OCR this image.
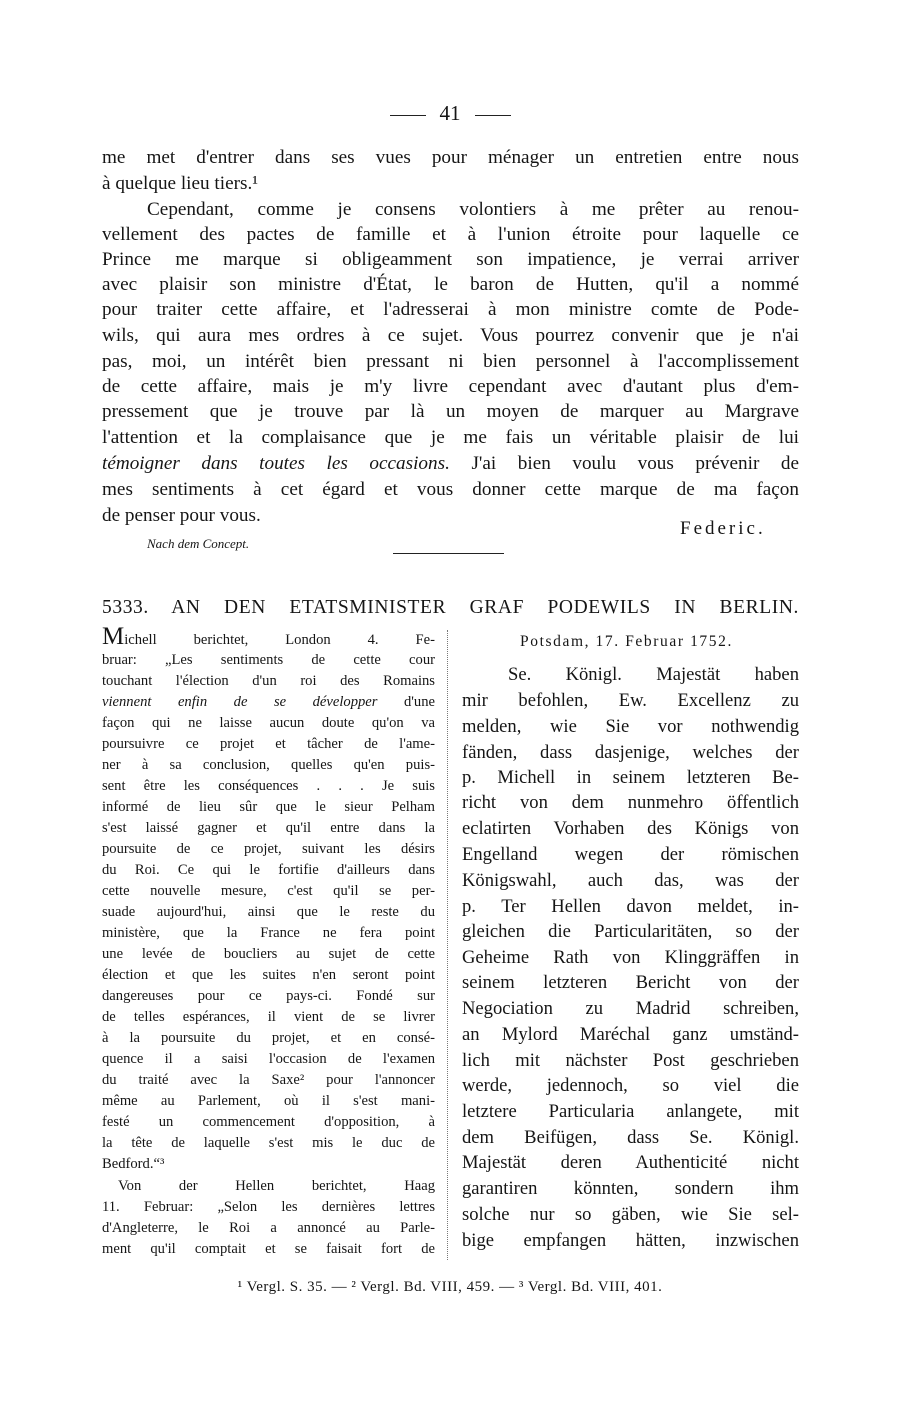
41
me met d'entrer dans ses vues pour ménager un entretien entre nous
à quelque lieu tiers.¹
Cependant, comme je consens volontiers à me prêter au renou-
vellement des pactes de famille et à l'union étroite pour laquelle ce
Prince me marque si obligeamment son impatience, je verrai arriver
avec plaisir son ministre d'État, le baron de Hutten, qu'il a nommé
pour traiter cette affaire, et l'adresserai à mon ministre comte de Pode-
wils, qui aura mes ordres à ce sujet. Vous pourrez convenir que je n'ai
pas, moi, un intérêt bien pressant ni bien personnel à l'accomplissement
de cette affaire, mais je m'y livre cependant avec d'autant plus d'em-
pressement que je trouve par là un moyen de marquer au Margrave
l'attention et la complaisance que je me fais un véritable plaisir de lui
témoigner dans toutes les occasions. J'ai bien voulu vous prévenir de
mes sentiments à cet égard et vous donner cette marque de ma façon
de penser pour vous.
Federic.
Nach dem Concept.
5333. AN DEN ETATSMINISTER GRAF PODEWILS IN BERLIN.
Michell berichtet, London 4. Fe-
bruar: „Les sentiments de cette cour
touchant l'élection d'un roi des Romains
viennent enfin de se développer d'une
façon qui ne laisse aucun doute qu'on va
poursuivre ce projet et tâcher de l'ame-
ner à sa conclusion, quelles qu'en puis-
sent être les conséquences . . . Je suis
informé de lieu sûr que le sieur Pelham
s'est laissé gagner et qu'il entre dans la
poursuite de ce projet, suivant les désirs
du Roi. Ce qui le fortifie d'ailleurs dans
cette nouvelle mesure, c'est qu'il se per-
suade aujourd'hui, ainsi que le reste du
ministère, que la France ne fera point
une levée de boucliers au sujet de cette
élection et que les suites n'en seront point
dangereuses pour ce pays-ci. Fondé sur
de telles espérances, il vient de se livrer
à la poursuite du projet, et en consé-
quence il a saisi l'occasion de l'examen
du traité avec la Saxe² pour l'annoncer
même au Parlement, où il s'est mani-
festé un commencement d'opposition, à
la tête de laquelle s'est mis le duc de
Bedford.“³
Von der Hellen berichtet, Haag
11. Februar: „Selon les dernières lettres
d'Angleterre, le Roi a annoncé au Parle-
ment qu'il comptait et se faisait fort de
Potsdam, 17. Februar 1752.
Se. Königl. Majestät haben
mir befohlen, Ew. Excellenz zu
melden, wie Sie vor nothwendig
fänden, dass dasjenige, welches der
p. Michell in seinem letzteren Be-
richt von dem nunmehro öffentlich
eclatirten Vorhaben des Königs von
Engelland wegen der römischen
Königswahl, auch das, was der
p. Ter Hellen davon meldet, in-
gleichen die Particularitäten, so der
Geheime Rath von Klinggräffen in
seinem letzteren Bericht von der
Negociation zu Madrid schreiben,
an Mylord Maréchal ganz umständ-
lich mit nächster Post geschrieben
werde, jedennoch, so viel die
letztere Particularia anlangete, mit
dem Beifügen, dass Se. Königl.
Majestät deren Authenticité nicht
garantiren könnten, sondern ihm
solche nur so gäben, wie Sie sel-
bige empfangen hätten, inzwischen
¹ Vergl. S. 35. — ² Vergl. Bd. VIII, 459. — ³ Vergl. Bd. VIII, 401.
